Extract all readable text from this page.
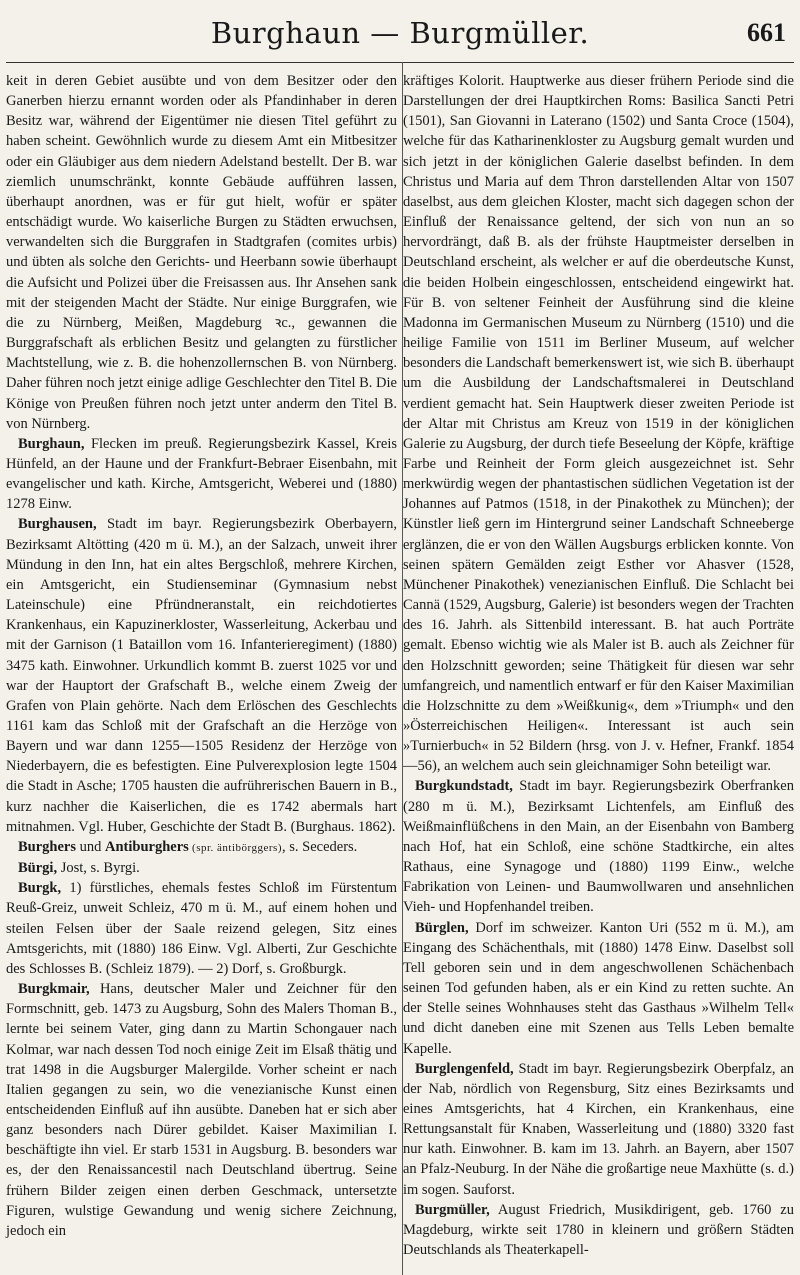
Burghaun — Burgmüller.	661

keit in deren Gebiet ausübte und von dem Besitzer oder den Ganerben hierzu ernannt worden oder als Pfandinhaber in deren Besitz war, während der Eigentümer nie diesen Titel geführt zu haben scheint. Gewöhnlich wurde zu diesem Amt ein Mitbesitzer oder ein Gläubiger aus dem niedern Adelstand bestellt. Der B. war ziemlich unumschränkt, konnte Gebäude aufführen lassen, überhaupt anordnen, was er für gut hielt, wofür er später entschädigt wurde. Wo kaiserliche Burgen zu Städten erwuchsen, verwandelten sich die Burggrafen in Stadtgrafen (comites urbis) und übten als solche den Gerichts- und Heerbann sowie überhaupt die Aufsicht und Polizei über die Freisassen aus. Ihr Ansehen sank mit der steigenden Macht der Städte. Nur einige Burggrafen, wie die zu Nürnberg, Meißen, Magdeburg ꝛc., gewannen die Burggrafschaft als erblichen Besitz und gelangten zu fürstlicher Machtstellung, wie z. B. die hohenzollernschen B. von Nürnberg. Daher führen noch jetzt einige adlige Geschlechter den Titel B. Die Könige von Preußen führen noch jetzt unter anderm den Titel B. von Nürnberg.

Burghaun, Flecken im preuß. Regierungsbezirk Kassel, Kreis Hünfeld, an der Haune und der Frankfurt-Bebraer Eisenbahn, mit evangelischer und kath. Kirche, Amtsgericht, Weberei und (1880) 1278 Einw.

Burghausen, Stadt im bayr. Regierungsbezirk Oberbayern, Bezirksamt Altötting (420 m ü. M.), an der Salzach, unweit ihrer Mündung in den Inn, hat ein altes Bergschloß, mehrere Kirchen, ein Amtsgericht, ein Studienseminar (Gymnasium nebst Lateinschule) eine Pfründneranstalt, ein reichdotiertes Krankenhaus, ein Kapuzinerkloster, Wasserleitung, Ackerbau und mit der Garnison (1 Bataillon vom 16. Infanterieregiment) (1880) 3475 kath. Einwohner. Urkundlich kommt B. zuerst 1025 vor und war der Hauptort der Grafschaft B., welche einem Zweig der Grafen von Plain gehörte. Nach dem Erlöschen des Geschlechts 1161 kam das Schloß mit der Grafschaft an die Herzöge von Bayern und war dann 1255—1505 Residenz der Herzöge von Niederbayern, die es befestigten. Eine Pulverexplosion legte 1504 die Stadt in Asche; 1705 hausten die aufrührerischen Bauern in B., kurz nachher die Kaiserlichen, die es 1742 abermals hart mitnahmen. Vgl. Huber, Geschichte der Stadt B. (Burghaus. 1862).

Burghers und Antiburghers (spr. äntibörggers), s. Seceders.

Bürgi, Jost, s. Byrgi.

Burgk, 1) fürstliches, ehemals festes Schloß im Fürstentum Reuß-Greiz, unweit Schleiz, 470 m ü. M., auf einem hohen und steilen Felsen über der Saale reizend gelegen, Sitz eines Amtsgerichts, mit (1880) 186 Einw. Vgl. Alberti, Zur Geschichte des Schlosses B. (Schleiz 1879). — 2) Dorf, s. Großburgk.

Burgkmair, Hans, deutscher Maler und Zeichner für den Formschnitt, geb. 1473 zu Augsburg, Sohn des Malers Thoman B., lernte bei seinem Vater, ging dann zu Martin Schongauer nach Kolmar, war nach dessen Tod noch einige Zeit im Elsaß thätig und trat 1498 in die Augsburger Malergilde. Vorher scheint er nach Italien gegangen zu sein, wo die venezianische Kunst einen entscheidenden Einfluß auf ihn ausübte. Daneben hat er sich aber ganz besonders nach Dürer gebildet. Kaiser Maximilian I. beschäftigte ihn viel. Er starb 1531 in Augsburg. B. besonders war es, der den Renaissancestil nach Deutschland übertrug. Seine frühern Bilder zeigen einen derben Geschmack, untersetzte Figuren, wulstige Gewandung und wenig sichere Zeichnung, jedoch ein

kräftiges Kolorit. Hauptwerke aus dieser frühern Periode sind die Darstellungen der drei Hauptkirchen Roms: Basilica Sancti Petri (1501), San Giovanni in Laterano (1502) und Santa Croce (1504), welche für das Katharinenkloster zu Augsburg gemalt wurden und sich jetzt in der königlichen Galerie daselbst befinden. In dem Christus und Maria auf dem Thron darstellenden Altar von 1507 daselbst, aus dem gleichen Kloster, macht sich dagegen schon der Einfluß der Renaissance geltend, der sich von nun an so hervordrängt, daß B. als der frühste Hauptmeister derselben in Deutschland erscheint, als welcher er auf die oberdeutsche Kunst, die beiden Holbein eingeschlossen, entscheidend eingewirkt hat. Für B. von seltener Feinheit der Ausführung sind die kleine Madonna im Germanischen Museum zu Nürnberg (1510) und die heilige Familie von 1511 im Berliner Museum, auf welcher besonders die Landschaft bemerkenswert ist, wie sich B. überhaupt um die Ausbildung der Landschaftsmalerei in Deutschland verdient gemacht hat. Sein Hauptwerk dieser zweiten Periode ist der Altar mit Christus am Kreuz von 1519 in der königlichen Galerie zu Augsburg, der durch tiefe Beseelung der Köpfe, kräftige Farbe und Reinheit der Form gleich ausgezeichnet ist. Sehr merkwürdig wegen der phantastischen südlichen Vegetation ist der Johannes auf Patmos (1518, in der Pinakothek zu München); der Künstler ließ gern im Hintergrund seiner Landschaft Schneeberge erglänzen, die er von den Wällen Augsburgs erblicken konnte. Von seinen spätern Gemälden zeigt Esther vor Ahasver (1528, Münchener Pinakothek) venezianischen Einfluß. Die Schlacht bei Cannä (1529, Augsburg, Galerie) ist besonders wegen der Trachten des 16. Jahrh. als Sittenbild interessant. B. hat auch Porträte gemalt. Ebenso wichtig wie als Maler ist B. auch als Zeichner für den Holzschnitt geworden; seine Thätigkeit für diesen war sehr umfangreich, und namentlich entwarf er für den Kaiser Maximilian die Holzschnitte zu dem »Weißkunig«, dem »Triumph« und den »Österreichischen Heiligen«. Interessant ist auch sein »Turnierbuch« in 52 Bildern (hrsg. von J. v. Hefner, Frankf. 1854—56), an welchem auch sein gleichnamiger Sohn beteiligt war.

Burgkundstadt, Stadt im bayr. Regierungsbezirk Oberfranken (280 m ü. M.), Bezirksamt Lichtenfels, am Einfluß des Weißmainflüßchens in den Main, an der Eisenbahn von Bamberg nach Hof, hat ein Schloß, eine schöne Stadtkirche, ein altes Rathaus, eine Synagoge und (1880) 1199 Einw., welche Fabrikation von Leinen- und Baumwollwaren und ansehnlichen Vieh- und Hopfenhandel treiben.

Bürglen, Dorf im schweizer. Kanton Uri (552 m ü. M.), am Eingang des Schächenthals, mit (1880) 1478 Einw. Daselbst soll Tell geboren sein und in dem angeschwollenen Schächenbach seinen Tod gefunden haben, als er ein Kind zu retten suchte. An der Stelle seines Wohnhauses steht das Gasthaus »Wilhelm Tell« und dicht daneben eine mit Szenen aus Tells Leben bemalte Kapelle.

Burglengenfeld, Stadt im bayr. Regierungsbezirk Oberpfalz, an der Nab, nördlich von Regensburg, Sitz eines Bezirksamts und eines Amtsgerichts, hat 4 Kirchen, ein Krankenhaus, eine Rettungsanstalt für Knaben, Wasserleitung und (1880) 3320 fast nur kath. Einwohner. B. kam im 13. Jahrh. an Bayern, aber 1507 an Pfalz-Neuburg. In der Nähe die großartige neue Maxhütte (s. d.) im sogen. Sauforst.

Burgmüller, August Friedrich, Musikdirigent, geb. 1760 zu Magdeburg, wirkte seit 1780 in kleinern und größern Städten Deutschlands als Theaterkapell-
